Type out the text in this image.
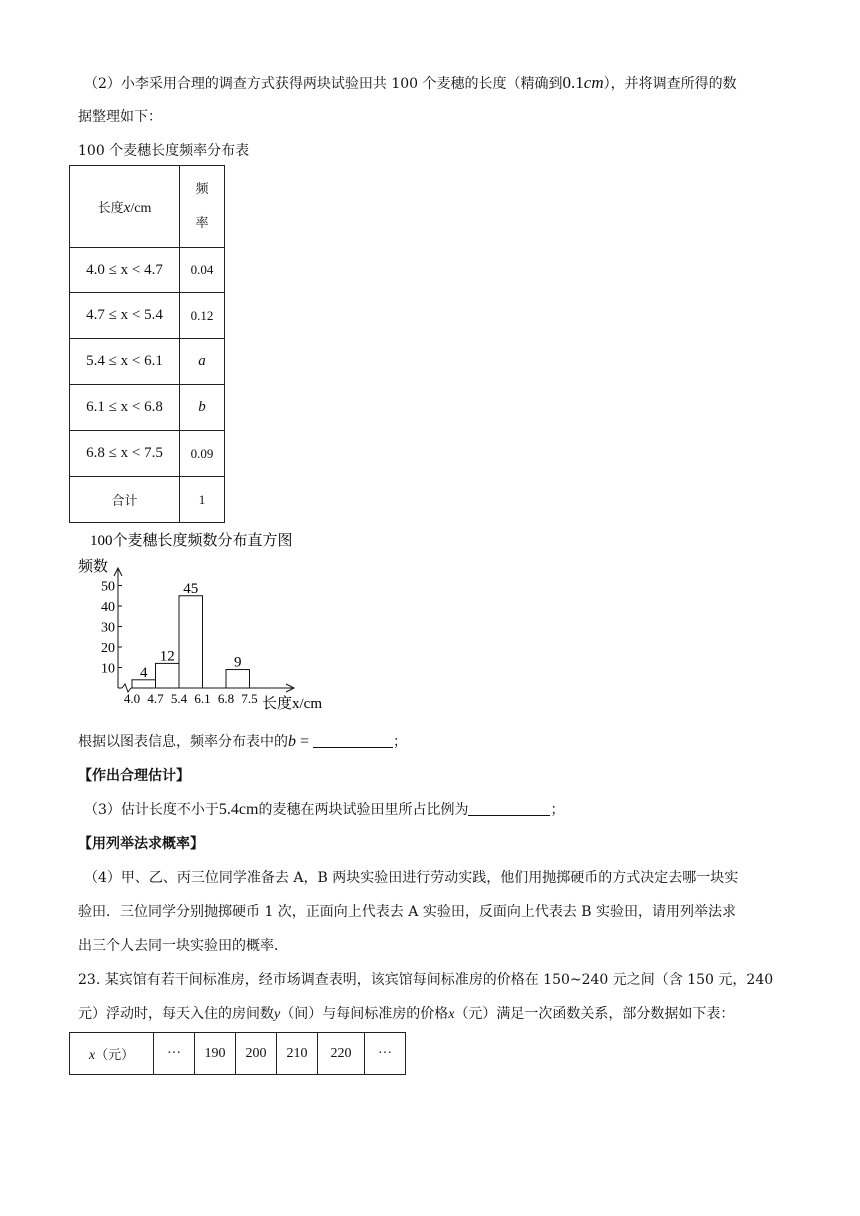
（2）小李采用合理的调查方式获得两块试验田共 100 个麦穗的长度（精确到0.1cm），并将调查所得的数
据整理如下：
100 个麦穗长度频率分布表
长度x/cm	频
率

4.0 ≤ x < 4.7	0.04
4.7 ≤ x < 5.4	0.12
5.4 ≤ x < 6.1	a
6.1 ≤ x < 6.8	b
6.8 ≤ x < 7.5	0.09
合计	1
100个麦穗长度频数分布直方图
频数
10
20
30
40
50
4.0 4.7 5.4 6.1 6.8 7.5
4
12
45
9
长度x/cm
根据以图表信息，频率分布表中的b =	；
【作出合理估计】
（3）估计长度不小于5.4cm的麦穗在两块试验田里所占比例为	；
【用列举法求概率】
（4）甲、乙、丙三位同学准备去 A，B 两块实验田进行劳动实践，他们用抛掷硬币的方式决定去哪一块实
验田．三位同学分别抛掷硬币 1 次，正面向上代表去 A 实验田，反面向上代表去 B 实验田，请用列举法求
出三个人去同一块实验田的概率．
23. 某宾馆有若干间标准房，经市场调查表明，该宾馆每间标准房的价格在 150~240 元之间（含 150 元，240
元）浮动时，每天入住的房间数y（间）与每间标准房的价格x（元）满足一次函数关系，部分数据如下表：
x（元）	···	190	200	210	220	···
